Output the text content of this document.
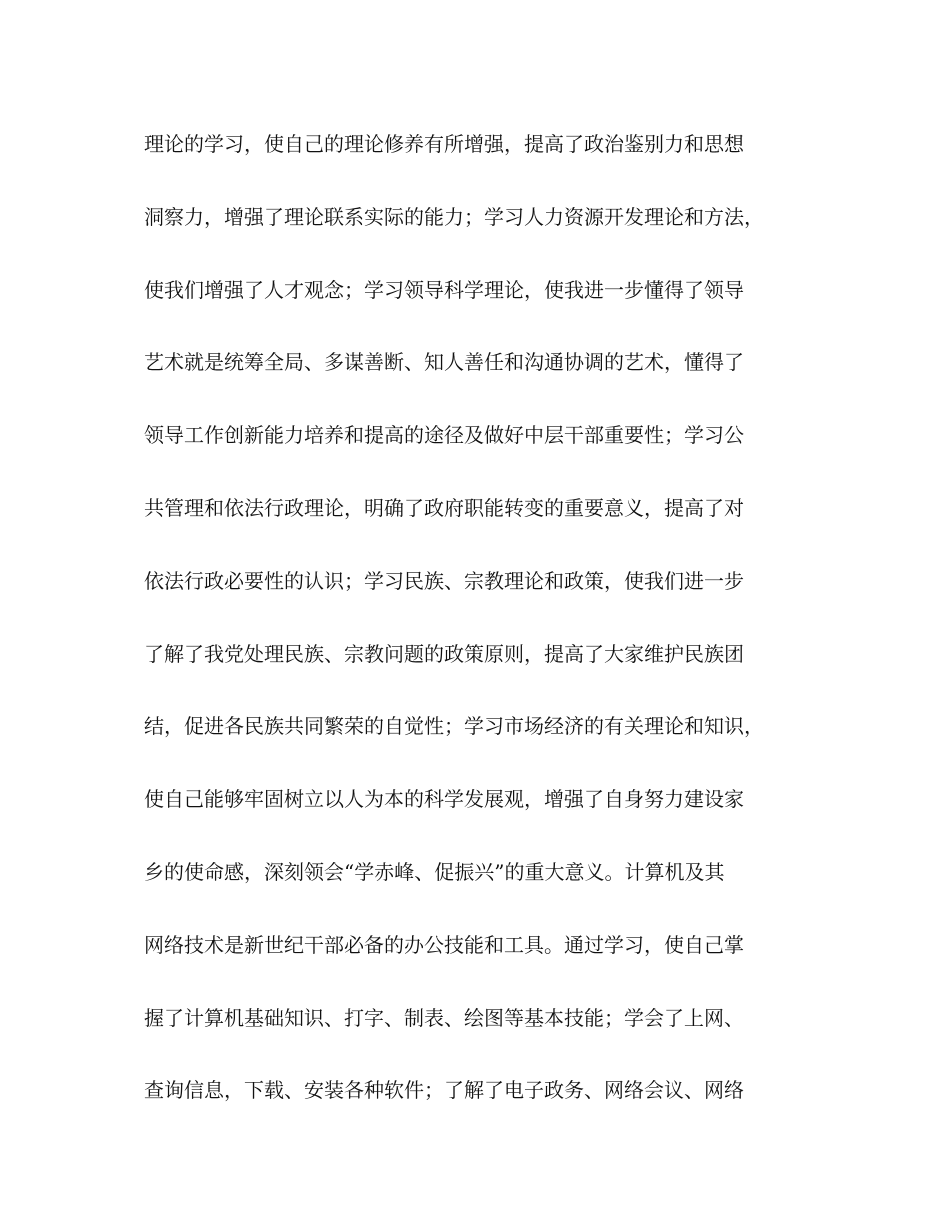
理论的学习，使自己的理论修养有所增强，提高了政治鉴别力和思想
洞察力，增强了理论联系实际的能力；学习人力资源开发理论和方法，
使我们增强了人才观念；学习领导科学理论，使我进一步懂得了领导
艺术就是统筹全局、多谋善断、知人善任和沟通协调的艺术，懂得了
领导工作创新能力培养和提高的途径及做好中层干部重要性；学习公
共管理和依法行政理论，明确了政府职能转变的重要意义，提高了对
依法行政必要性的认识；学习民族、宗教理论和政策，使我们进一步
了解了我党处理民族、宗教问题的政策原则，提高了大家维护民族团
结，促进各民族共同繁荣的自觉性；学习市场经济的有关理论和知识，
使自己能够牢固树立以人为本的科学发展观，增强了自身努力建设家
乡的使命感，深刻领会“学赤峰、促振兴”的重大意义。计算机及其
网络技术是新世纪干部必备的办公技能和工具。通过学习，使自己掌
握了计算机基础知识、打字、制表、绘图等基本技能；学会了上网、
查询信息，下载、安装各种软件；了解了电子政务、网络会议、网络
